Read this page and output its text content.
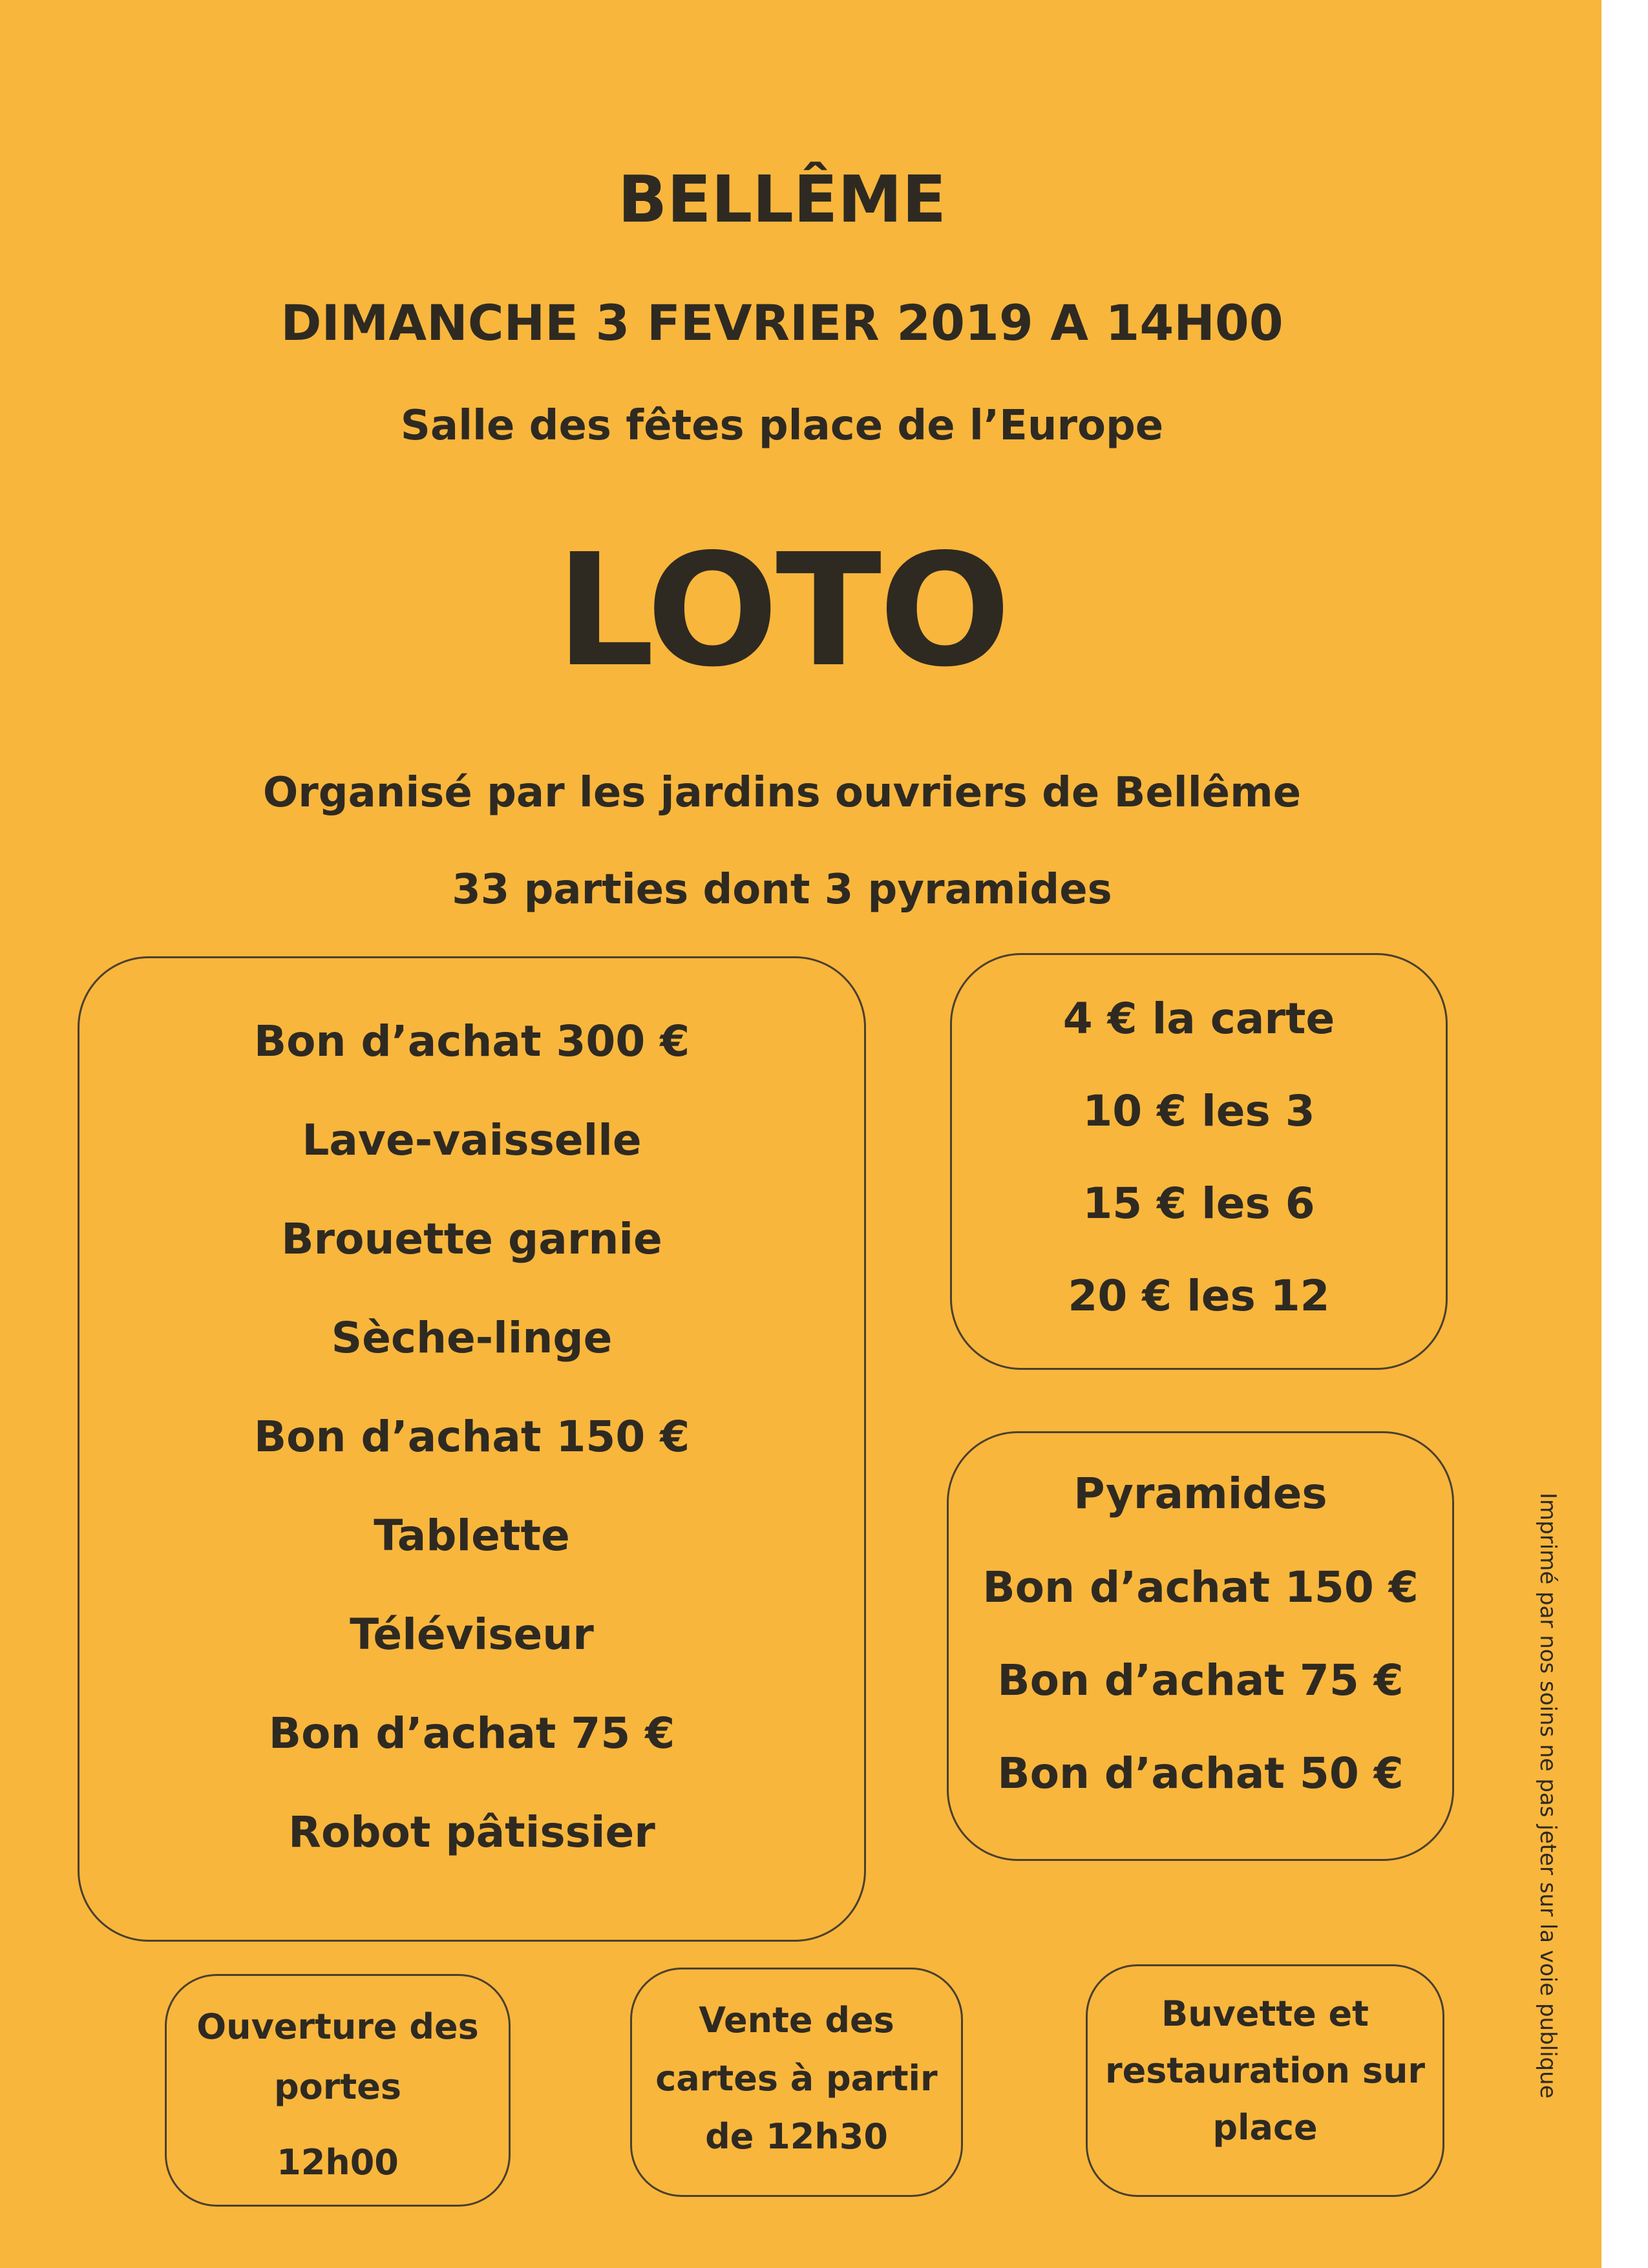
BELLÊME
DIMANCHE 3 FEVRIER 2019 A 14H00
Salle des fêtes place de l’Europe
LOTO
Organisé par les jardins ouvriers de Bellême
33 parties dont 3 pyramides
Bon d’achat 300 €
Lave-vaisselle
Brouette garnie
Sèche-linge
Bon d’achat 150 €
Tablette
Téléviseur
Bon d’achat 75 €
Robot pâtissier
4 € la carte
10 € les 3
15 € les 6
20 € les 12
Pyramides
Bon d’achat 150 €
Bon d’achat 75 €
Bon d’achat 50 €
Ouverture des
portes
12h00
Vente des
cartes à partir
de 12h30
Buvette et
restauration sur
place
Imprimé par nos soins ne pas jeter sur la voie publique
